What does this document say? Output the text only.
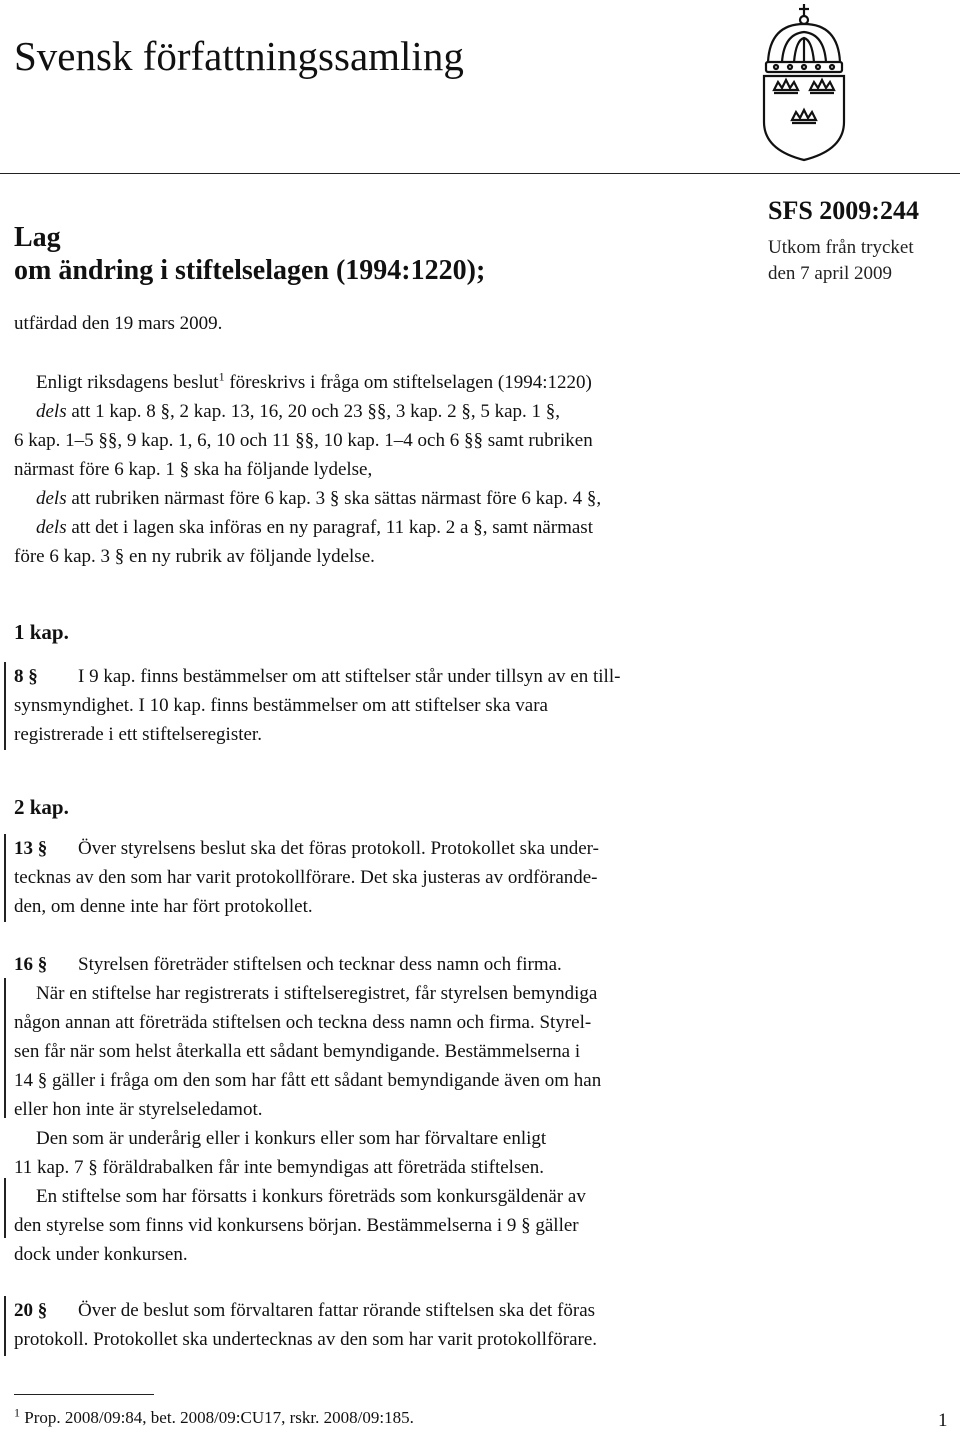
Svensk författningssamling
Lag
om ändring i stiftelselagen (1994:1220);
SFS 2009:244
Utkom från trycket
den 7 april 2009
utfärdad den 19 mars 2009.
Enligt riksdagens beslut$^1$ föreskrivs i fråga om stiftelselagen (1994:1220)
dels att 1 kap. 8 §, 2 kap. 13, 16, 20 och 23 §§, 3 kap. 2 §, 5 kap. 1 §,
6 kap. 1–5 §§, 9 kap. 1, 6, 10 och 11 §§, 10 kap. 1–4 och 6 §§ samt rubriken
närmast före 6 kap. 1 § ska ha följande lydelse,
dels att rubriken närmast före 6 kap. 3 § ska sättas närmast före 6 kap. 4 §,
dels att det i lagen ska införas en ny paragraf, 11 kap. 2 a §, samt närmast
före 6 kap. 3 § en ny rubrik av följande lydelse.
1 kap.
8 § I 9 kap. finns bestämmelser om att stiftelser står under tillsyn av en till-
synsmyndighet. I 10 kap. finns bestämmelser om att stiftelser ska vara
registrerade i ett stiftelseregister.
2 kap.
13 § Över styrelsens beslut ska det föras protokoll. Protokollet ska under-
tecknas av den som har varit protokollförare. Det ska justeras av ordförande-
den, om denne inte har fört protokollet.
16 § Styrelsen företräder stiftelsen och tecknar dess namn och firma.
När en stiftelse har registrerats i stiftelseregistret, får styrelsen bemyndiga
någon annan att företräda stiftelsen och teckna dess namn och firma. Styrel-
sen får när som helst återkalla ett sådant bemyndigande. Bestämmelserna i
14 § gäller i fråga om den som har fått ett sådant bemyndigande även om han
eller hon inte är styrelseledamot.
Den som är underårig eller i konkurs eller som har förvaltare enligt
11 kap. 7 § föräldrabalken får inte bemyndigas att företräda stiftelsen.
En stiftelse som har försatts i konkurs företräds som konkursgäldenär av
den styrelse som finns vid konkursens början. Bestämmelserna i 9 § gäller
dock under konkursen.
20 § Över de beslut som förvaltaren fattar rörande stiftelsen ska det föras
protokoll. Protokollet ska undertecknas av den som har varit protokollförare.
$^1$ Prop. 2008/09:84, bet. 2008/09:CU17, rskr. 2008/09:185.	1
